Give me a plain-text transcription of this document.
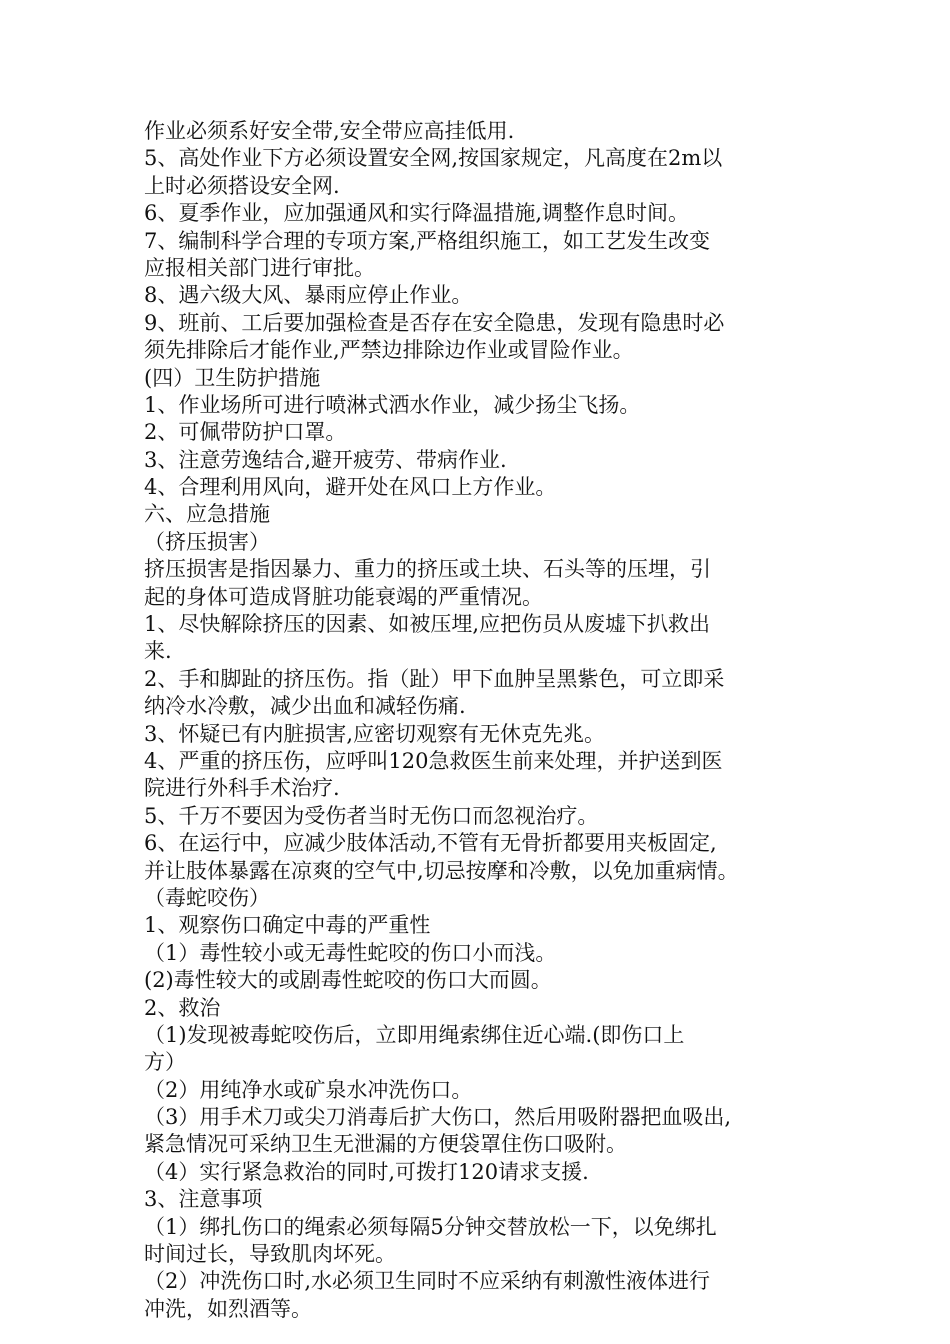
作业必须系好安全带,安全带应高挂低用.
5、高处作业下方必须设置安全网,按国家规定，凡高度在2m以
上时必须搭设安全网.
6、夏季作业，应加强通风和实行降温措施,调整作息时间。
7、编制科学合理的专项方案,严格组织施工，如工艺发生改变
应报相关部门进行审批。
8、遇六级大风、暴雨应停止作业。
9、班前、工后要加强检查是否存在安全隐患，发现有隐患时必
须先排除后才能作业,严禁边排除边作业或冒险作业。
(四）卫生防护措施
1、作业场所可进行喷淋式洒水作业，减少扬尘飞扬。
2、可佩带防护口罩。
3、注意劳逸结合,避开疲劳、带病作业.
4、合理利用风向，避开处在风口上方作业。
六、应急措施
（挤压损害）
挤压损害是指因暴力、重力的挤压或土块、石头等的压埋，引
起的身体可造成肾脏功能衰竭的严重情况。
1、尽快解除挤压的因素、如被压埋,应把伤员从废墟下扒救出
来.
2、手和脚趾的挤压伤。指（趾）甲下血肿呈黑紫色，可立即采
纳冷水冷敷，减少出血和减轻伤痛.
3、怀疑已有内脏损害,应密切观察有无休克先兆。
4、严重的挤压伤，应呼叫120急救医生前来处理，并护送到医
院进行外科手术治疗.
5、千万不要因为受伤者当时无伤口而忽视治疗。
6、在运行中，应减少肢体活动,不管有无骨折都要用夹板固定,
并让肢体暴露在凉爽的空气中,切忌按摩和冷敷，以免加重病情。
（毒蛇咬伤）
1、观察伤口确定中毒的严重性
（1）毒性较小或无毒性蛇咬的伤口小而浅。
(2)毒性较大的或剧毒性蛇咬的伤口大而圆。
2、救治
（1)发现被毒蛇咬伤后，立即用绳索绑住近心端.(即伤口上
方）
（2）用纯净水或矿泉水冲洗伤口。
（3）用手术刀或尖刀消毒后扩大伤口，然后用吸附器把血吸出,
紧急情况可采纳卫生无泄漏的方便袋罩住伤口吸附。
（4）实行紧急救治的同时,可拨打120请求支援.
3、注意事项
（1）绑扎伤口的绳索必须每隔5分钟交替放松一下，以免绑扎
时间过长，导致肌肉坏死。
（2）冲洗伤口时,水必须卫生同时不应采纳有刺激性液体进行
冲洗，如烈酒等。
